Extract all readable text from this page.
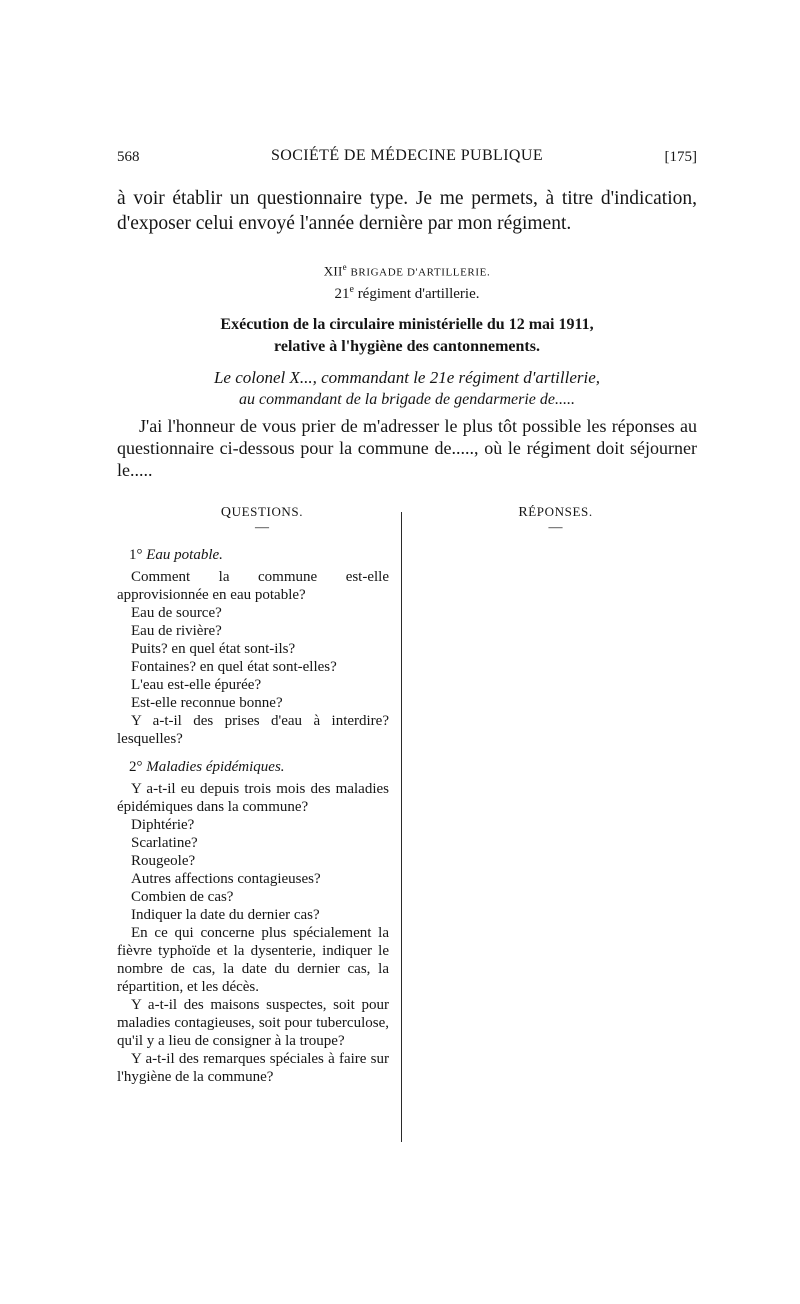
568	SOCIÉTÉ DE MÉDECINE PUBLIQUE	[175]

à voir établir un questionnaire type. Je me permets, à titre d'indication, d'exposer celui envoyé l'année dernière par mon régiment.

XIIe BRIGADE D'ARTILLERIE.
21e régiment d'artillerie.
Exécution de la circulaire ministérielle du 12 mai 1911,
relative à l'hygiène des cantonnements.
Le colonel X..., commandant le 21e régiment d'artillerie,
au commandant de la brigade de gendarmerie de.....

J'ai l'honneur de vous prier de m'adresser le plus tôt possible les réponses au questionnaire ci-dessous pour la commune de....., où le régiment doit séjourner le.....

QUESTIONS.	RÉPONSES.
—	—

1° Eau potable.

Comment la commune est-elle approvisionnée en eau potable?

Eau de source?

Eau de rivière?

Puits? en quel état sont-ils?

Fontaines? en quel état sont-elles?

L'eau est-elle épurée?

Est-elle reconnue bonne?

Y a-t-il des prises d'eau à interdire? lesquelles?

2° Maladies épidémiques.

Y a-t-il eu depuis trois mois des maladies épidémiques dans la commune?

Diphtérie?

Scarlatine?

Rougeole?

Autres affections contagieuses?

Combien de cas?

Indiquer la date du dernier cas?

En ce qui concerne plus spécialement la fièvre typhoïde et la dysenterie, indiquer le nombre de cas, la date du dernier cas, la répartition, et les décès.

Y a-t-il des maisons suspectes, soit pour maladies contagieuses, soit pour tuberculose, qu'il y a lieu de consigner à la troupe?

Y a-t-il des remarques spéciales à faire sur l'hygiène de la commune?
